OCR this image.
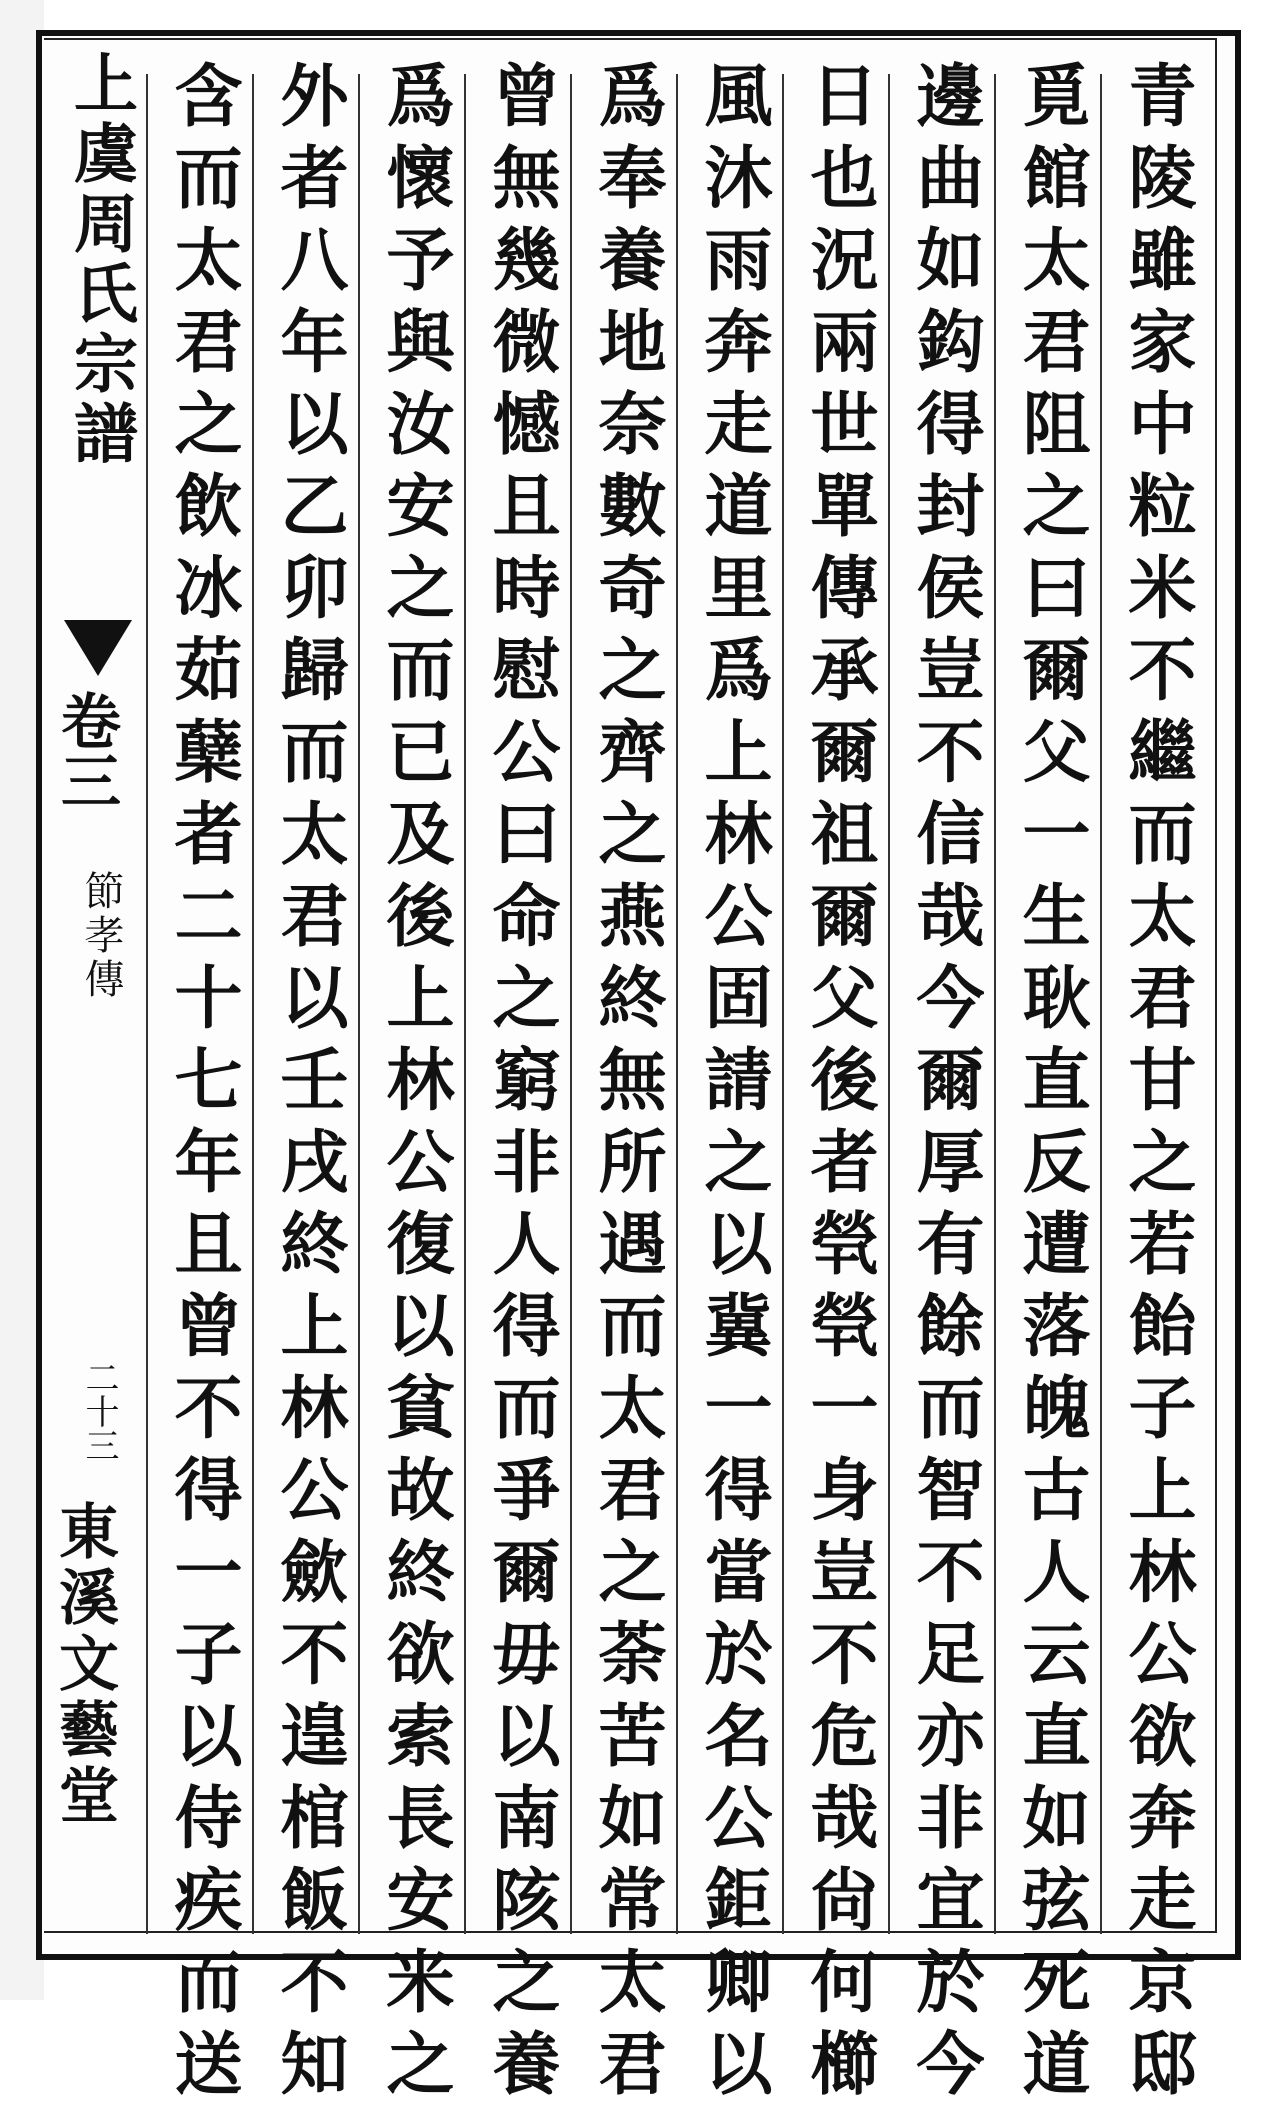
上虞周氏宗譜
卷三
節孝傳
二十三
東溪文藝堂	青陵雖家中粒米不繼而太君甘之若飴子上林公欲奔走京邸
覓館太君阻之曰爾父一生耿直反遭落魄古人云直如弦死道
邊曲如鈎得封侯豈不信哉今爾厚有餘而智不足亦非宜於今
日也況兩世單傳承爾祖爾父後者煢煢一身豈不危哉尙何櫛
風沐雨奔走道里爲上林公固請之以冀一得當於名公鉅卿以
爲奉養地奈數奇之齊之燕終無所遇而太君之荼苦如常太君
曾無幾微憾且時慰公曰命之窮非人得而爭爾毋以南陔之養
爲懷予與汝安之而已及後上林公復以貧故終欲索長安米之
外者八年以乙卯歸而太君以壬戌終上林公歛不遑棺飯不知
含而太君之飲冰茹蘖者二十七年且曾不得一子以侍疾而送
